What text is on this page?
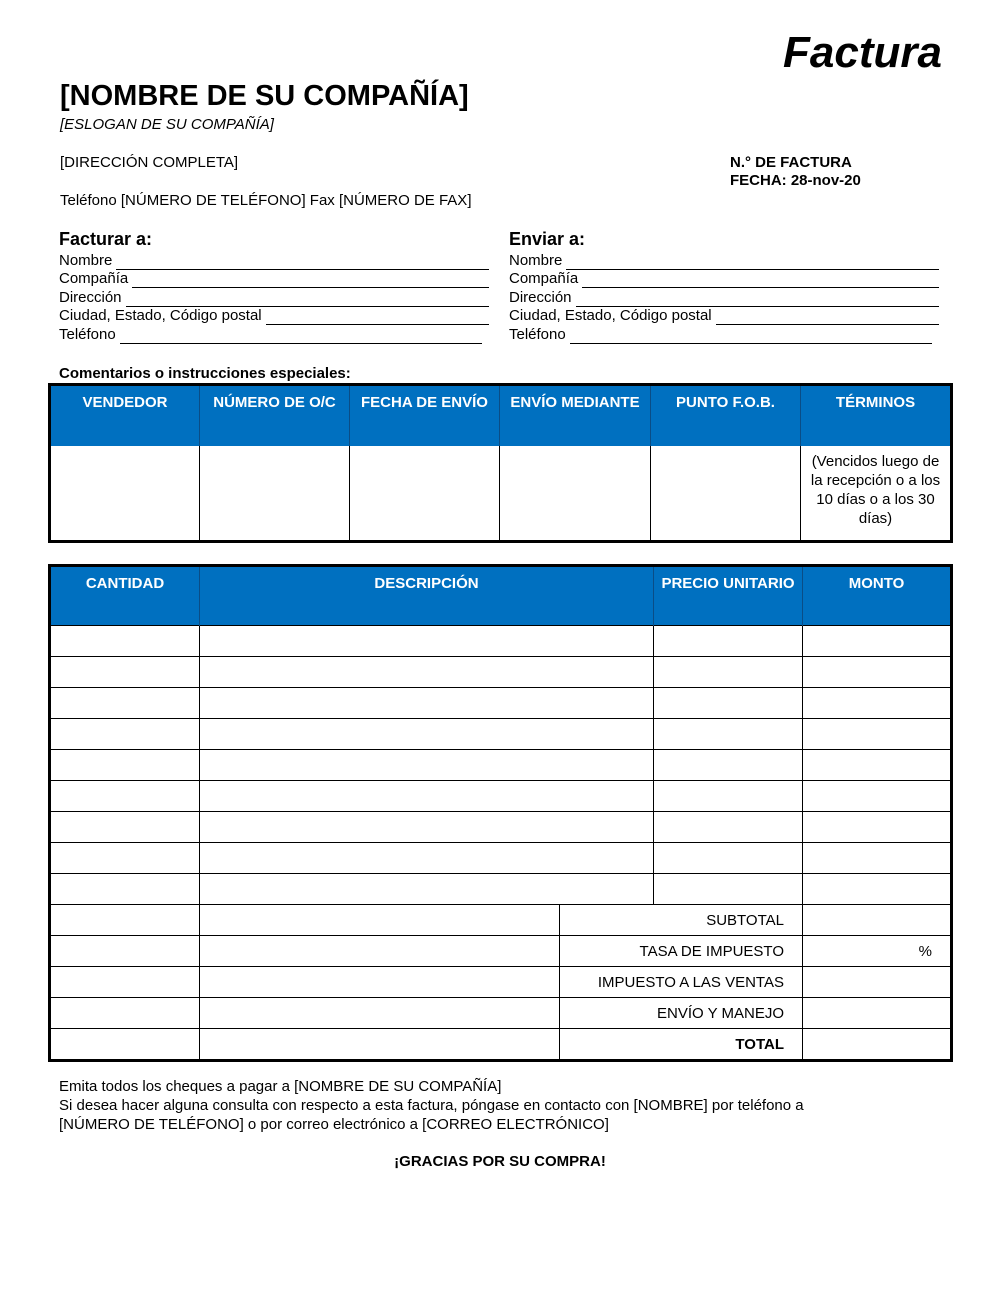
Factura
[NOMBRE DE SU COMPAÑÍA]
[ESLOGAN DE SU COMPAÑÍA]
[DIRECCIÓN COMPLETA]
Teléfono [NÚMERO DE TELÉFONO] Fax [NÚMERO DE FAX]
N.° DE FACTURA
FECHA: 28-nov-20
Facturar a:
Nombre
Compañía
Dirección
Ciudad, Estado, Código postal
Teléfono
Enviar a:
Nombre
Compañía
Dirección
Ciudad, Estado, Código postal
Teléfono
Comentarios o instrucciones especiales:
VENDEDOR	NÚMERO DE O/C	FECHA DE ENVÍO	ENVÍO MEDIANTE	PUNTO F.O.B.	TÉRMINOS
					(Vencidos luego de la recepción o a los 10 días o a los 30 días)
CANTIDAD	DESCRIPCIÓN		PRECIO UNITARIO	MONTO

		SUBTOTAL		
		TASA DE IMPUESTO		%
		IMPUESTO A LAS VENTAS		
		ENVÍO Y MANEJO		
		TOTAL		
Emita todos los cheques a pagar a [NOMBRE DE SU COMPAÑÍA]
Si desea hacer alguna consulta con respecto a esta factura, póngase en contacto con [NOMBRE] por teléfono a
[NÚMERO DE TELÉFONO] o por correo electrónico a [CORREO ELECTRÓNICO]
¡GRACIAS POR SU COMPRA!
